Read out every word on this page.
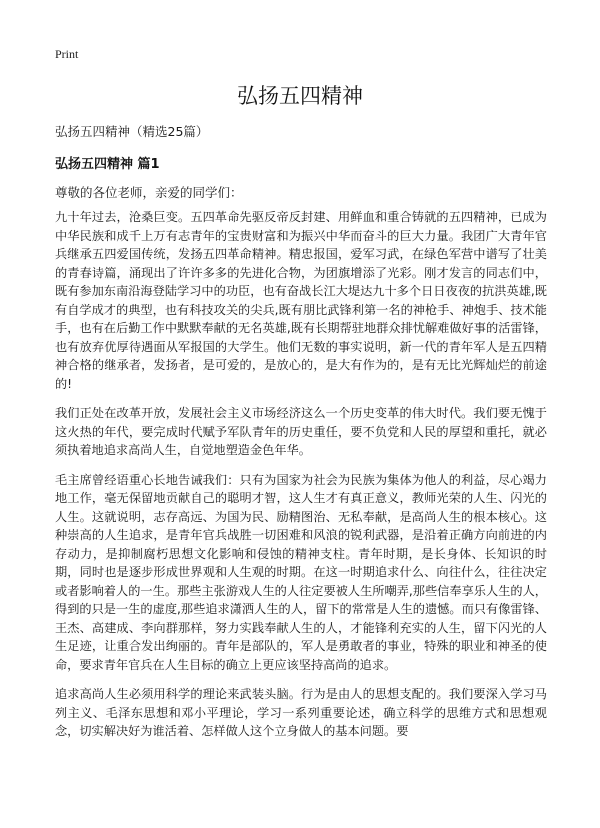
Print
弘扬五四精神
弘扬五四精神（精选25篇）
弘扬五四精神 篇1
尊敬的各位老师，亲爱的同学们：

九十年过去，沧桑巨变。五四革命先驱反帝反封建、用鲜血和重合铸就的五四精神，已成为中华民族和成千上万有志青年的宝贵财富和为振兴中华而奋斗的巨大力量。我团广大青年官兵继承五四爱国传统，发扬五四革命精神。精忠报国，爱军习武，在绿色军营中谱写了壮美的青春诗篇，涌现出了许许多多的先进化合物，为团旗增添了光彩。刚才发言的同志们中，既有参加东南沿海登陆学习中的功臣，也有奋战长江大堤达九十多个日日夜夜的抗洪英雄,既有自学成才的典型，也有科技攻关的尖兵,既有朋比武锋利第一名的神枪手、神炮手、技术能手，也有在后勤工作中默默奉献的无名英雄,既有长期帮驻地群众排忧解难做好事的活雷锋，也有放弃优厚待遇面从军报国的大学生。他们无数的事实说明，新一代的青年军人是五四精神合格的继承者，发扬者，是可爱的，是放心的，是大有作为的，是有无比光辉灿烂的前途的!

我们正处在改革开放，发展社会主义市场经济这么一个历史变革的伟大时代。我们要无愧于这火热的年代，要完成时代赋予军队青年的历史重任，要不负党和人民的厚望和重托，就必须执着地追求高尚人生，自觉地塑造金色年华。

毛主席曾经语重心长地告诫我们：只有为国家为社会为民族为集体为他人的利益，尽心竭力地工作，毫无保留地贡献自己的聪明才智，这人生才有真正意义，教师光荣的人生、闪光的人生。这就说明，志存高远、为国为民、励精图治、无私奉献，是高尚人生的根本核心。这种崇高的人生追求，是青年官兵战胜一切困难和风浪的锐利武器，是沿着正确方向前进的内存动力，是抑制腐朽思想文化影响和侵蚀的精神支柱。青年时期，是长身体、长知识的时期，同时也是逐步形成世界观和人生观的时期。在这一时期追求什么、向往什么，往往决定或者影响着人的一生。那些主张游戏人生的人往定要被人生所嘲弄,那些信奉享乐人生的人，得到的只是一生的虚度,那些追求潇洒人生的人，留下的常常是人生的遗憾。而只有像雷锋、王杰、高建成、李向群那样，努力实践奉献人生的人，才能锋利充实的人生，留下闪光的人生足迹，让重合发出绚丽的。青年是部队的，军人是勇敢者的事业，特殊的职业和神圣的使命，要求青年官兵在人生目标的确立上更应该坚持高尚的追求。

追求高尚人生必须用科学的理论来武装头脑。行为是由人的思想支配的。我们要深入学习马列主义、毛泽东思想和邓小平理论，学习一系列重要论述，确立科学的思维方式和思想观念，切实解决好为谁活着、怎样做人这个立身做人的基本问题。要
